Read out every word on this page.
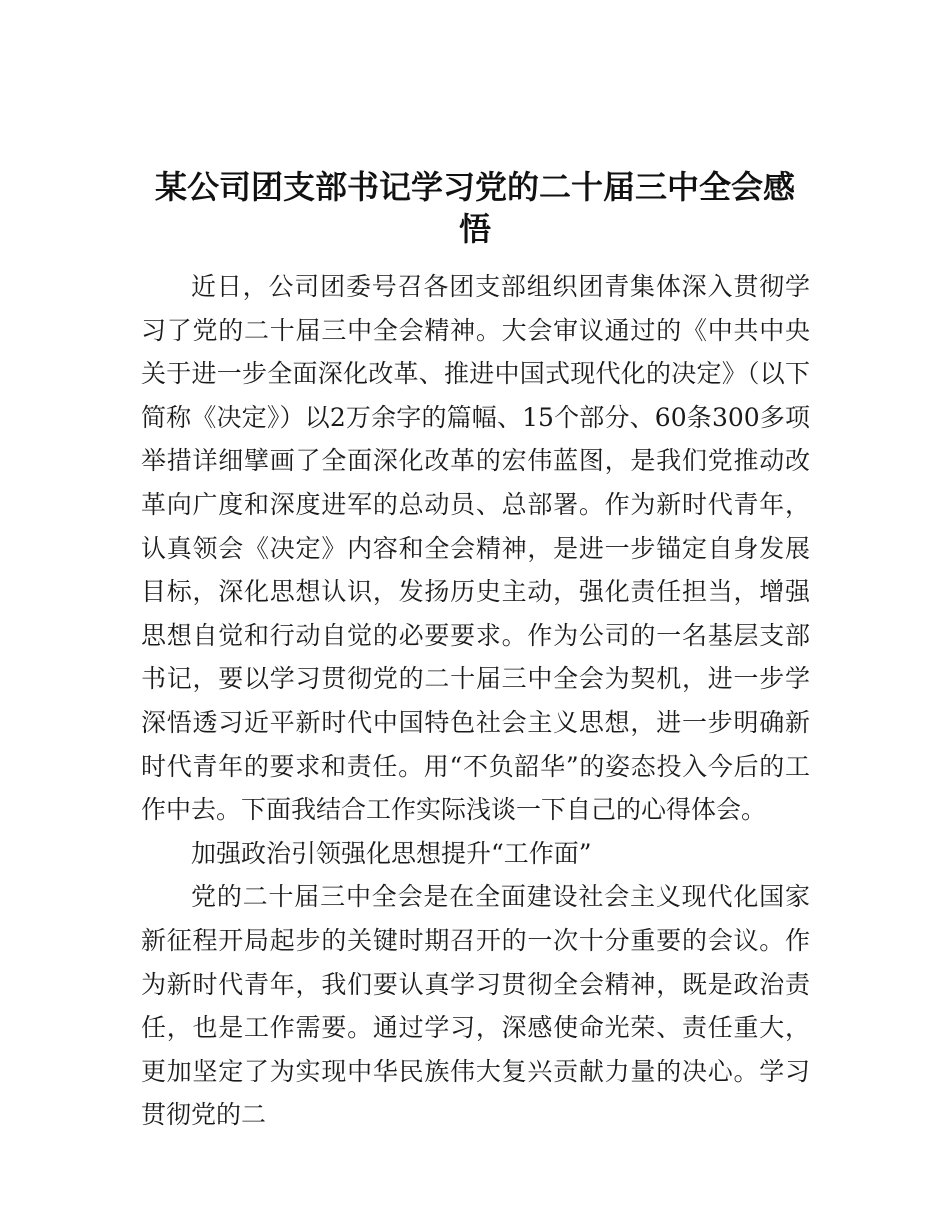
某公司团支部书记学习党的二十届三中全会感悟

近日，公司团委号召各团支部组织团青集体深入贯彻学习了党的二十届三中全会精神。大会审议通过的《中共中央关于进一步全面深化改革、推进中国式现代化的决定》（以下简称《决定》）以2万余字的篇幅、15个部分、60条300多项举措详细擘画了全面深化改革的宏伟蓝图，是我们党推动改革向广度和深度进军的总动员、总部署。作为新时代青年，认真领会《决定》内容和全会精神，是进一步锚定自身发展目标，深化思想认识，发扬历史主动，强化责任担当，增强思想自觉和行动自觉的必要要求。作为公司的一名基层支部书记，要以学习贯彻党的二十届三中全会为契机，进一步学深悟透习近平新时代中国特色社会主义思想，进一步明确新时代青年的要求和责任。用“不负韶华”的姿态投入今后的工作中去。下面我结合工作实际浅谈一下自己的心得体会。

加强政治引领强化思想提升“工作面”

党的二十届三中全会是在全面建设社会主义现代化国家新征程开局起步的关键时期召开的一次十分重要的会议。作为新时代青年，我们要认真学习贯彻全会精神，既是政治责任，也是工作需要。通过学习，深感使命光荣、责任重大，更加坚定了为实现中华民族伟大复兴贡献力量的决心。学习贯彻党的二
